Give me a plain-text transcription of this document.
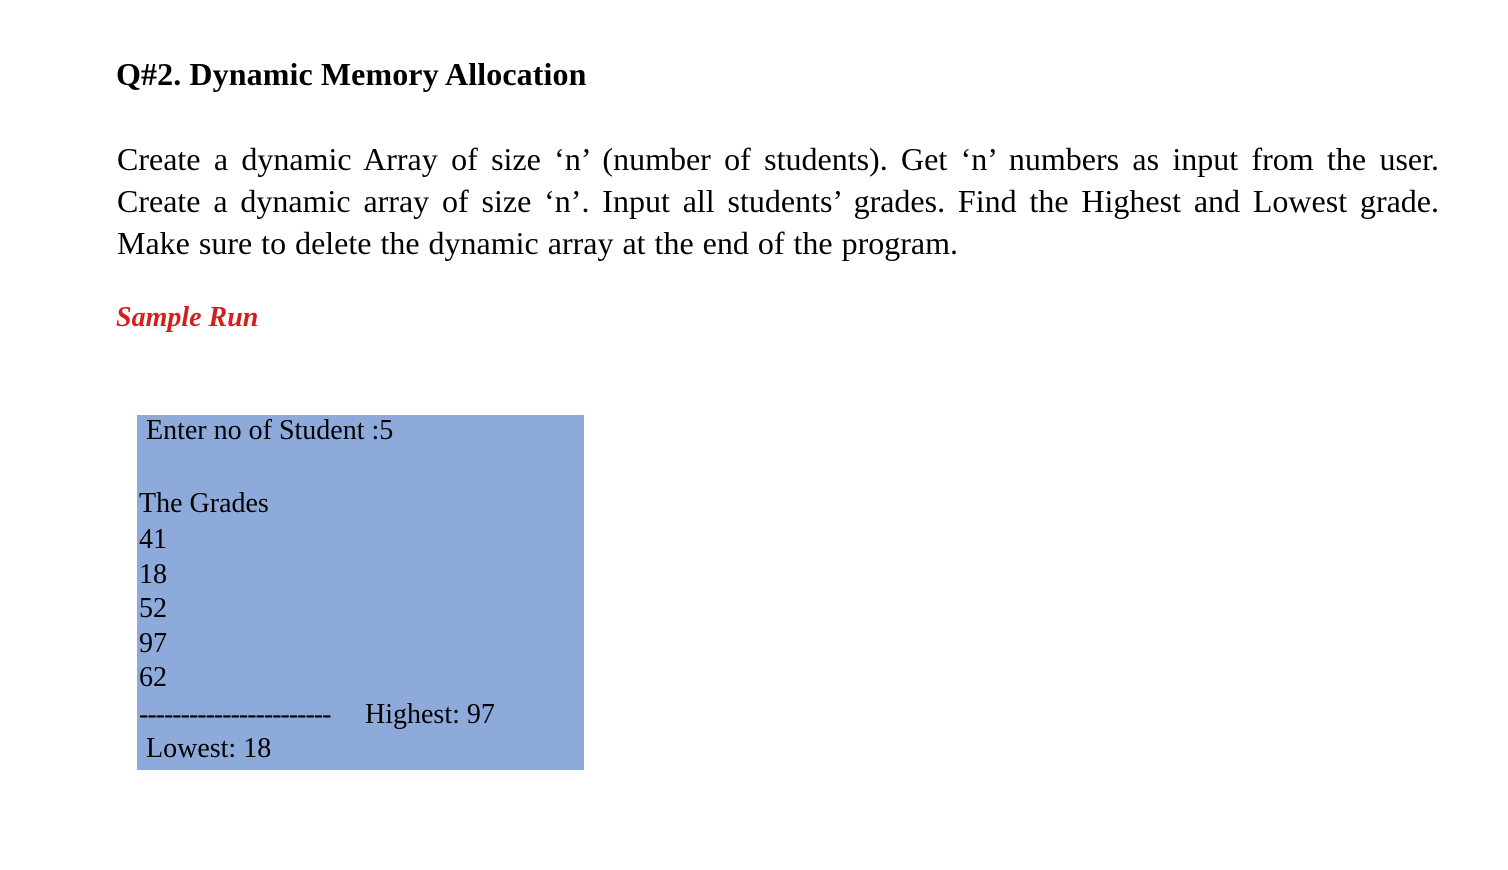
Q#2. Dynamic Memory Allocation

Create a dynamic Array of size ‘n’ (number of students). Get ‘n’ numbers as input from the user. Create a dynamic array of size ‘n’. Input all students’ grades. Find the Highest and Lowest grade. Make sure to delete the dynamic array at the end of the program.

Sample Run
Enter no of Student :5
The Grades
41
18
52
97
62
----------------------- Highest: 97
Lowest: 18
